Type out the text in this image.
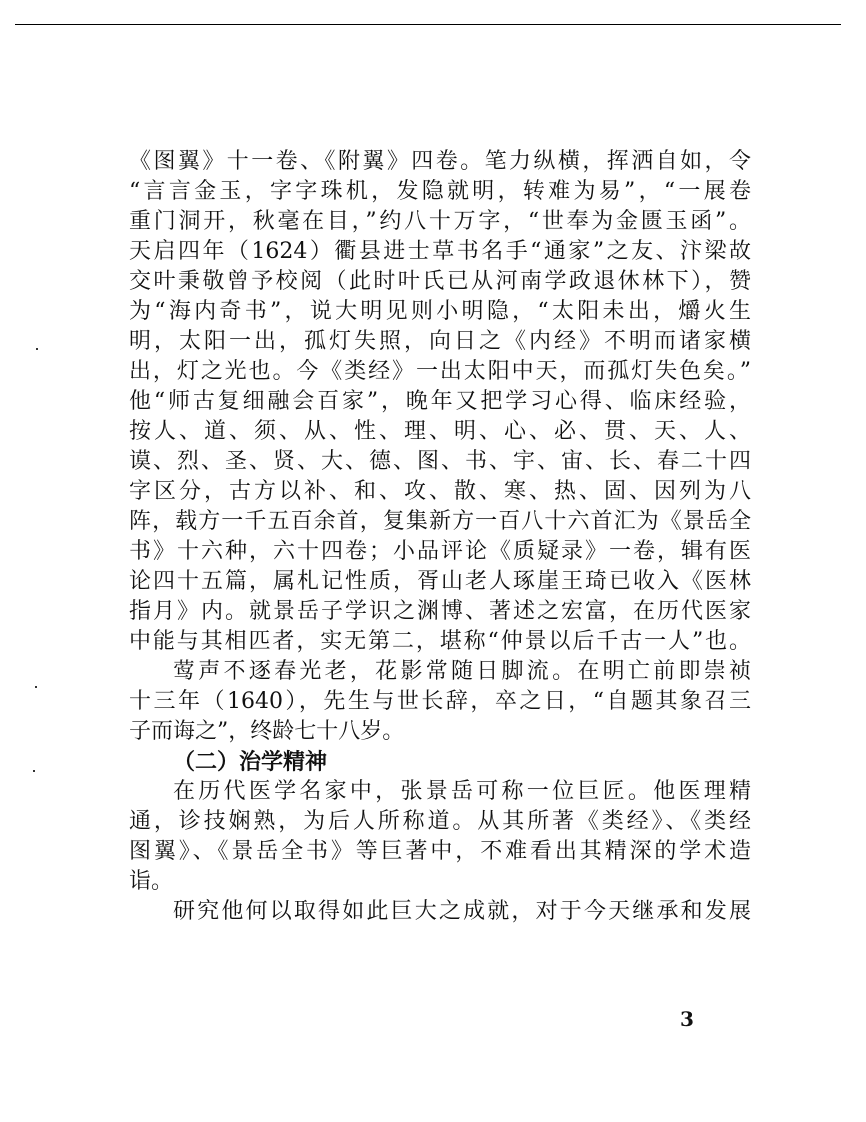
《图翼》十一卷、《附翼》四卷。笔力纵横，挥洒自如，令
“言言金玉，字字珠机，发隐就明，转难为易”，“一展卷
重门洞开，秋毫在目，”约八十万字，“世奉为金匮玉函”。
天启四年（1624）衢县进士草书名手“通家”之友、汴梁故
交叶秉敬曾予校阅（此时叶氏已从河南学政退休林下），赞
为“海内奇书”，说大明见则小明隐，“太阳未出，爝火生
明，太阳一出，孤灯失照，向日之《内经》不明而诸家横
出，灯之光也。今《类经》一出太阳中天，而孤灯失色矣。”
他“师古复细融会百家”，晚年又把学习心得、临床经验，
按人、道、须、从、性、理、明、心、必、贯、天、人、
谟、烈、圣、贤、大、德、图、书、宇、宙、长、春二十四
字区分，古方以补、和、攻、散、寒、热、固、因列为八
阵，载方一千五百余首，复集新方一百八十六首汇为《景岳全
书》十六种，六十四卷；小品评论《质疑录》一卷，辑有医
论四十五篇，属札记性质，胥山老人琢崖王琦已收入《医林
指月》内。就景岳子学识之渊博、著述之宏富，在历代医家
中能与其相匹者，实无第二，堪称“仲景以后千古一人”也。
莺声不逐春光老，花影常随日脚流。在明亡前即崇祯
十三年（1640），先生与世长辞，卒之日，“自题其象召三
子而诲之”，终龄七十八岁。
（二）治学精神
在历代医学名家中，张景岳可称一位巨匠。他医理精
通，诊技娴熟，为后人所称道。从其所著《类经》、《类经
图翼》、《景岳全书》等巨著中，不难看出其精深的学术造
诣。
研究他何以取得如此巨大之成就，对于今天继承和发展
3
